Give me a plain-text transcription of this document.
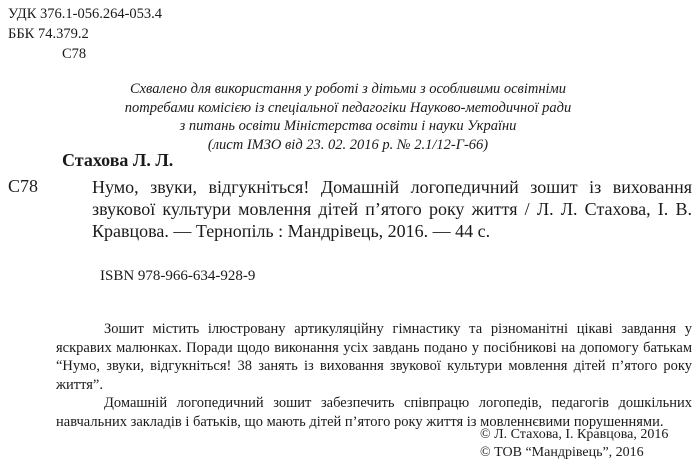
УДК 376.1-056.264-053.4
ББК 74.379.2
С78
Схвалено для використання у роботі з дітьми з особливими освітніми
потребами комісією із спеціальної педагогіки Науково-методичної ради
з питань освіти Міністерства освіти і науки України
(лист ІМЗО від 23. 02. 2016 р. № 2.1/12-Г-66)
Стахова Л. Л.
С78	Нумо, звуки, відгукніться! Домашній логопедичний зошит із виховання звукової культури мовлення дітей п’ятого року життя / Л. Л. Стахова, І. В. Кравцова. — Тернопіль : Мандрівець, 2016. — 44 с.
ISBN 978-966-634-928-9

Зошит містить ілюстровану артикуляційну гімнастику та різноманітні цікаві завдання у яскравих малюнках. Поради щодо виконання усіх завдань подано у посібникові на допомогу батькам “Нумо, звуки, відгукніться! 38 занять із виховання звукової культури мовлення дітей п’ятого року життя”.

Домашній логопедичний зошит забезпечить співпрацю логопедів, педагогів дошкільних навчальних закладів і батьків, що мають дітей п’ятого року життя із мовленнєвими порушеннями.

© Л. Стахова, І. Кравцова, 2016
© ТОВ “Мандрівець”, 2016
